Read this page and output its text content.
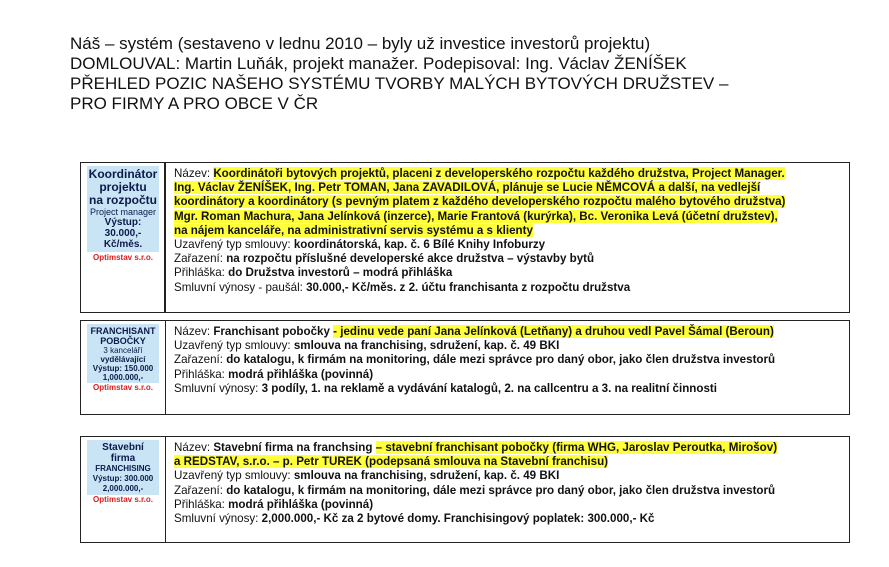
Náš – systém (sestaveno v lednu 2010 – byly už investice investorů projektu)
DOMLOUVAL: Martin Luňák, projekt manažer. Podepisoval: Ing. Václav ŽENÍŠEK
PŘEHLED POZIC NAŠEHO SYSTÉMU TVORBY MALÝCH BYTOVÝCH DRUŽSTEV –
PRO FIRMY A PRO OBCE V ČR
Koordinátor
projektu
na rozpočtu
Project manager
Výstup:
30.000,- Kč/měs.
Optimstav s.r.o.
Název: Koordinátoři bytových projektů, placeni z developerského rozpočtu každého družstva, Project Manager.
Ing. Václav ŽENÍŠEK, Ing. Petr TOMAN, Jana ZAVADILOVÁ, plánuje se Lucie NĚMCOVÁ a další, na vedlejší
koordinátory a koordinátory (s pevným platem z každého developerského rozpočtu malého bytového družstva)
Mgr. Roman Machura, Jana Jelínková (inzerce), Marie Frantová (kurýrka), Bc. Veronika Levá (účetní družstev),
na nájem kanceláře, na administrativní servis systému a s klienty
Uzavřený typ smlouvy: koordinátorská, kap. č. 6 Bílé Knihy Infoburzy
Zařazení: na rozpočtu příslušné developerské akce družstva – výstavby bytů
Přihláška: do Družstva investorů – modrá přihláška
Smluvní výnosy - paušál: 30.000,- Kč/měs. z 2. účtu franchisanta z rozpočtu družstva
FRANCHISANT
POBOČKY
3 kanceláří
vydělávající
Výstup: 150.000
1,000.000,-
Optimstav s.r.o.
Název: Franchisant pobočky - jedinu vede paní Jana Jelínková (Letňany) a druhou vedl Pavel Šámal (Beroun)
Uzavřený typ smlouvy: smlouva na franchising, sdružení, kap. č. 49 BKI
Zařazení: do katalogu, k firmám na monitoring, dále mezi správce pro daný obor, jako člen družstva investorů
Přihláška: modrá přihláška (povinná)
Smluvní výnosy: 3 podíly, 1. na reklamě a vydávání katalogů, 2. na callcentru a 3. na realitní činnosti
Stavební
firma
FRANCHISING
Výstup: 300.000
2,000.000,-
Optimstav s.r.o.
Název: Stavební firma na franchsing – stavební franchisant pobočky (firma WHG, Jaroslav Peroutka, Mirošov)
a REDSTAV, s.r.o. – p. Petr TUREK (podepsaná smlouva na Stavební franchisu)
Uzavřený typ smlouvy: smlouva na franchising, sdružení, kap. č. 49 BKI
Zařazení: do katalogu, k firmám na monitoring, dále mezi správce pro daný obor, jako člen družstva investorů
Přihláška: modrá přihláška (povinná)
Smluvní výnosy: 2,000.000,- Kč za 2 bytové domy. Franchisingový poplatek: 300.000,- Kč
